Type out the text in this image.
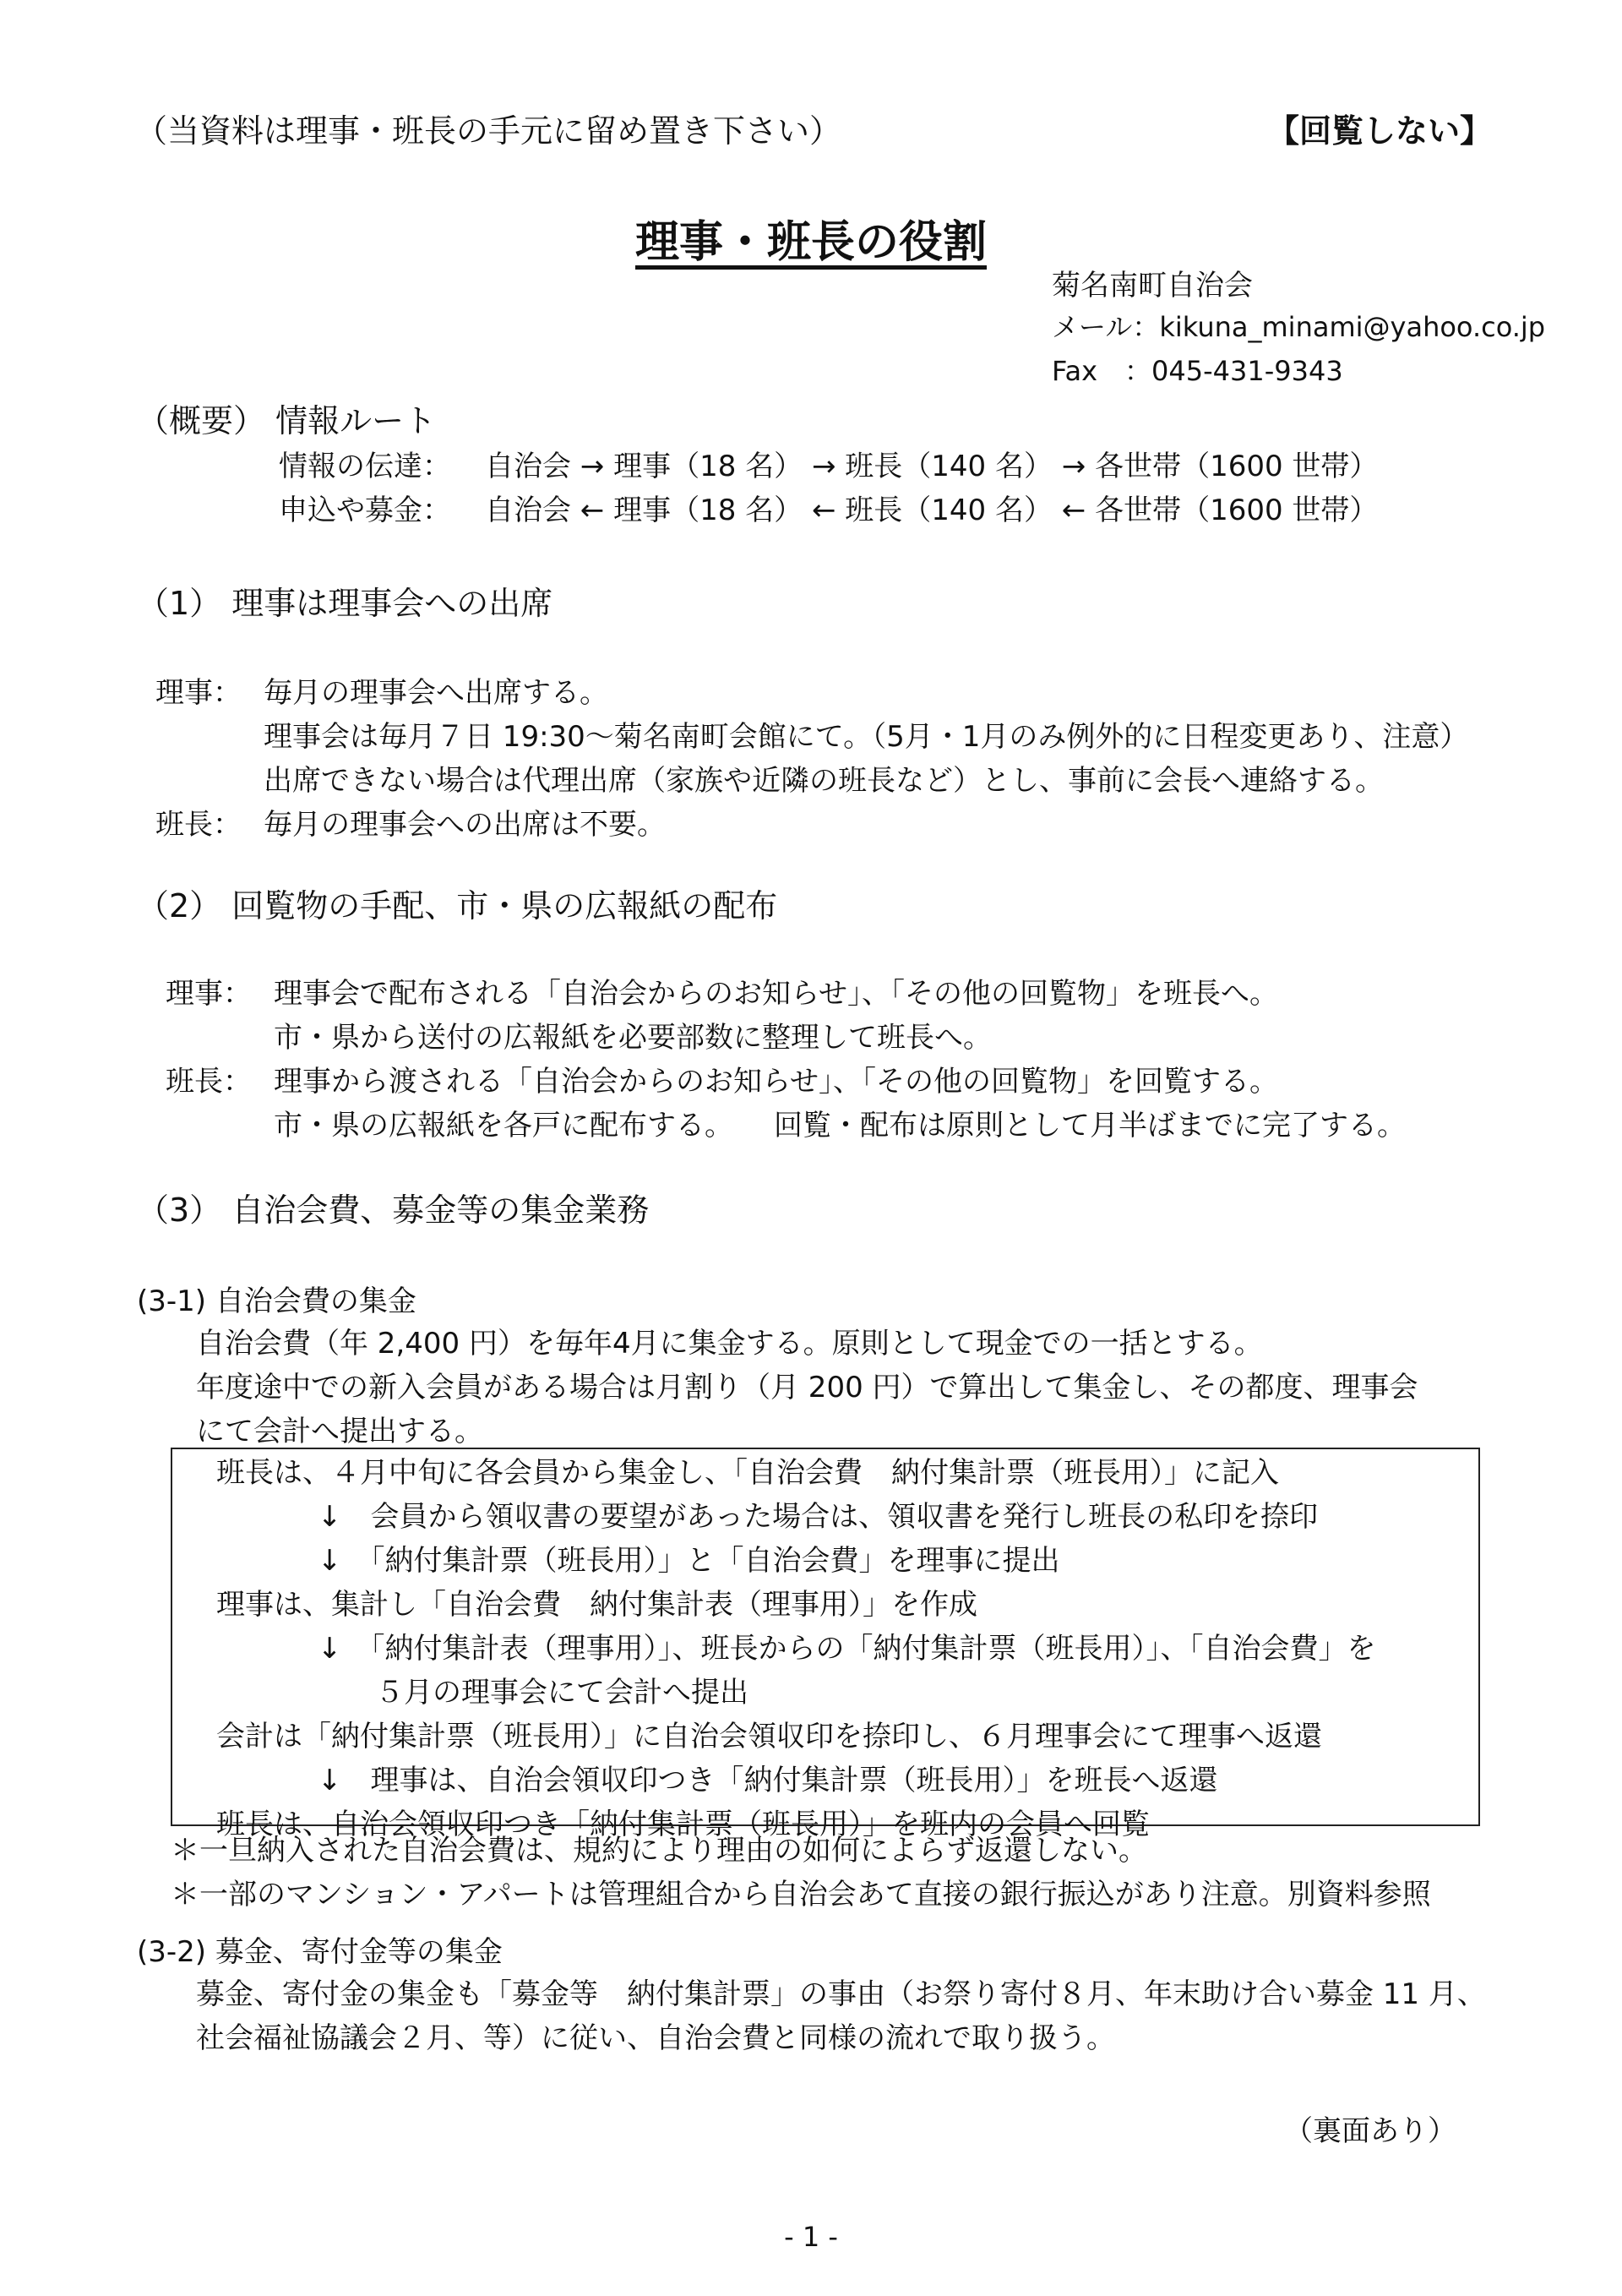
（当資料は理事・班長の手元に留め置き下さい）	【回覧しない】
理事・班長の役割
菊名南町自治会
メール：kikuna_minami@yahoo.co.jp
Fax　：045-431-9343
（概要） 情報ルート
情報の伝達：	自治会 → 理事（18 名） → 班長（140 名） → 各世帯（1600 世帯）
申込や募金：	自治会 ← 理事（18 名） ← 班長（140 名） ← 各世帯（1600 世帯）
（1） 理事は理事会への出席
理事： 毎月の理事会へ出席する。
理事会は毎月７日 19:30～菊名南町会館にて。（5月・1月のみ例外的に日程変更あり、注意）
出席できない場合は代理出席（家族や近隣の班長など）とし、事前に会長へ連絡する。
班長： 毎月の理事会への出席は不要。
（2） 回覧物の手配、市・県の広報紙の配布
理事： 理事会で配布される「自治会からのお知らせ」、「その他の回覧物」を班長へ。
市・県から送付の広報紙を必要部数に整理して班長へ。
班長： 理事から渡される「自治会からのお知らせ」、「その他の回覧物」を回覧する。
市・県の広報紙を各戸に配布する。 回覧・配布は原則として月半ばまでに完了する。
（3） 自治会費、募金等の集金業務
(3-1) 自治会費の集金
自治会費（年 2,400 円）を毎年4月に集金する。原則として現金での一括とする。
年度途中での新入会員がある場合は月割り（月 200 円）で算出して集金し、その都度、理事会
にて会計へ提出する。
班長は、４月中旬に各会員から集金し、「自治会費　納付集計票（班長用）」に記入
↓　会員から領収書の要望があった場合は、領収書を発行し班長の私印を捺印
↓　「納付集計票（班長用）」と「自治会費」を理事に提出
理事は、集計し「自治会費　納付集計表（理事用）」を作成
↓　「納付集計表（理事用）」、班長からの「納付集計票（班長用）」、「自治会費」を
５月の理事会にて会計へ提出
会計は「納付集計票（班長用）」に自治会領収印を捺印し、６月理事会にて理事へ返還
↓　理事は、自治会領収印つき「納付集計票（班長用）」を班長へ返還
班長は、自治会領収印つき「納付集計票（班長用）」を班内の会員へ回覧
＊一旦納入された自治会費は、規約により理由の如何によらず返還しない。
＊一部のマンション・アパートは管理組合から自治会あて直接の銀行振込があり注意。別資料参照
(3-2) 募金、寄付金等の集金
募金、寄付金の集金も「募金等　納付集計票」の事由（お祭り寄付８月、年末助け合い募金 11 月、
社会福祉協議会２月、等）に従い、自治会費と同様の流れで取り扱う。
（裏面あり）
- 1 -
